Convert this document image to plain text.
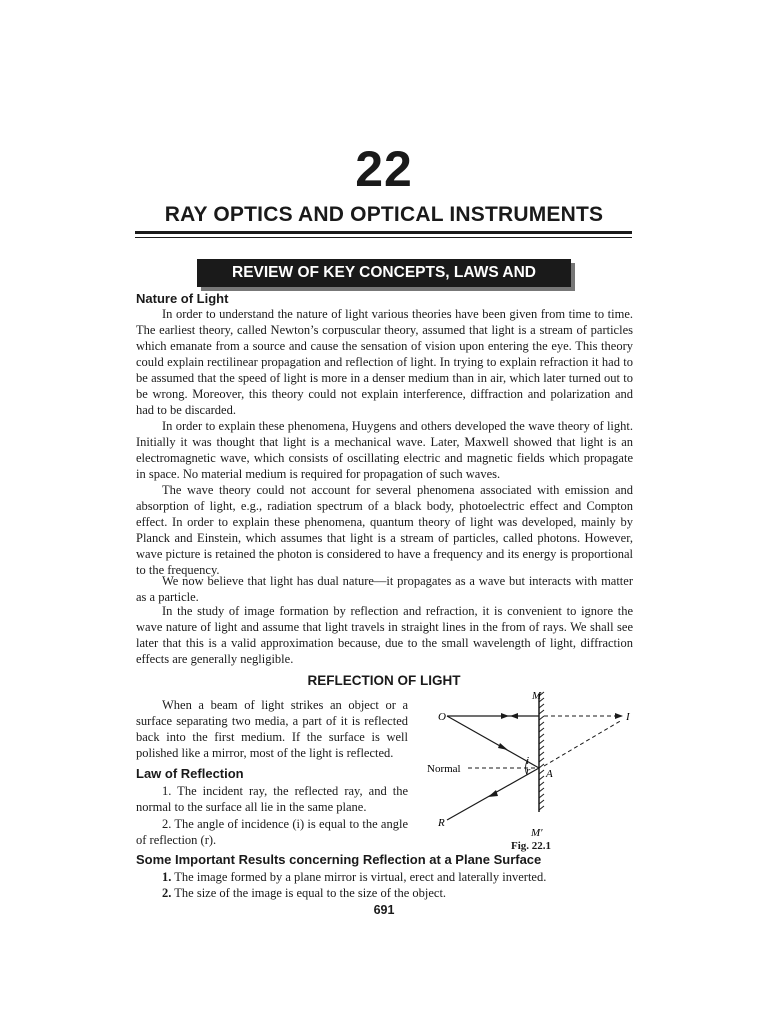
22
RAY OPTICS AND OPTICAL INSTRUMENTS
REVIEW OF KEY CONCEPTS, LAWS AND FORMULAE
Nature of Light

In order to understand the nature of light various theories have been given from time to time. The earliest theory, called Newton’s corpuscular theory, assumed that light is a stream of particles which emanate from a source and cause the sensation of vision upon entering the eye. This theory could explain rectilinear propagation and reflection of light. In trying to explain refraction it had to be assumed that the speed of light is more in a denser medium than in air, which later turned out to be wrong. Moreover, this theory could not explain interference, diffraction and polarization and had to be discarded.

In order to explain these phenomena, Huygens and others developed the wave theory of light. Initially it was thought that light is a mechanical wave. Later, Maxwell showed that light is an electromagnetic wave, which consists of oscillating electric and magnetic fields which propagate in space. No material medium is required for propagation of such waves.

The wave theory could not account for several phenomena associated with emission and absorption of light, e.g., radiation spectrum of a black body, photoelectric effect and Compton effect. In order to explain these phenomena, quantum theory of light was developed, mainly by Planck and Einstein, which assumes that light is a stream of particles, called photons. However, wave picture is retained the photon is considered to have a frequency and its energy is proportional to the frequency.

We now believe that light has dual nature—it propagates as a wave but interacts with matter as a particle.

In the study of image formation by reflection and refraction, it is convenient to ignore the wave nature of light and assume that light travels in straight lines in the from of rays. We shall see later that this is a valid approximation because, due to the small wavelength of light, diffraction effects are generally negligible.

REFLECTION OF LIGHT

When a beam of light strikes an object or a surface separating two media, a part of it is reflected back into the first medium. If the surface is well polished like a mirror, most of the light is reflected.

Law of Reflection

1. The incident ray, the reflected ray, and the normal to the surface all lie in the same plane.

2. The angle of incidence (i) is equal to the angle of reflection (r).

M
O	I
Normal
i
r A
R
M′
Fig. 22.1
Some Important Results concerning Reflection at a Plane Surface
1. The image formed by a plane mirror is virtual, erect and laterally inverted.
2. The size of the image is equal to the size of the object.
691
